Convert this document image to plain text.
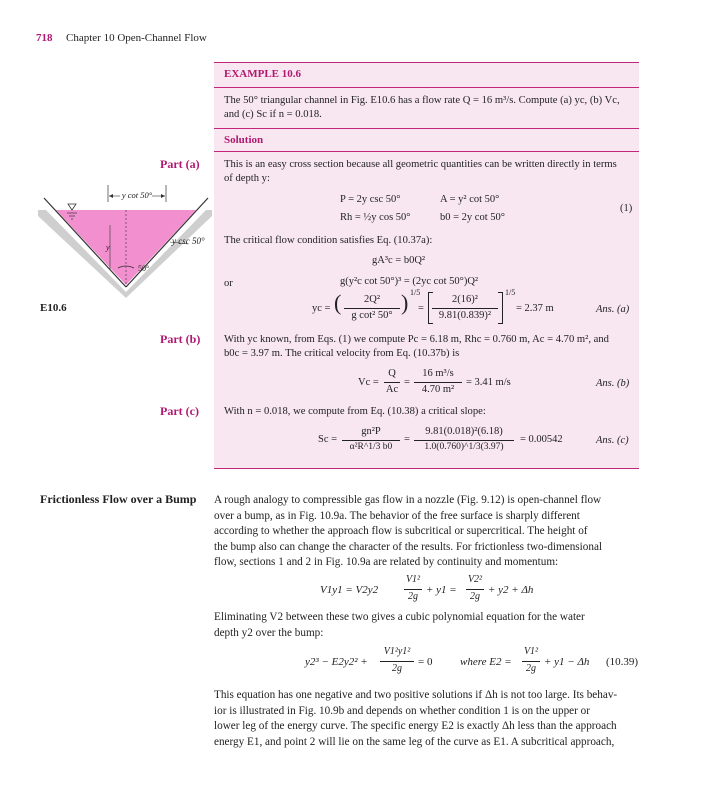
718 Chapter 10 Open-Channel Flow
EXAMPLE 10.6
The 50° triangular channel in Fig. E10.6 has a flow rate Q = 16 m³/s. Compute (a) yc, (b) Vc,
and (c) Sc if n = 0.018.
Solution
Part (a) This is an easy cross section because all geometric quantities can be written directly in terms
of depth y:
P = 2y csc 50°	A = y² cot 50°
Rh = ½y cos 50°	b0 = 2y cot 50°
(1)
The critical flow condition satisfies Eq. (10.37a):
gA³c = b0Q²
or	g(y²c cot 50°)³ = (2yc cot 50°)Q²
yc = (	2Q²
g cot² 50°
) 1/5
=
2(16)²
9.81(0.839)²
1/5
= 2.37 m	Ans. (a)
Part (b) With yc known, from Eqs. (1) we compute Pc = 6.18 m, Rhc = 0.760 m, Ac = 4.70 m², and
b0c = 3.97 m. The critical velocity from Eq. (10.37b) is
Vc =
Q
Ac
=
16 m³/s
4.70 m²
= 3.41 m/s	Ans. (b)
Part (c) With n = 0.018, we compute from Eq. (10.38) a critical slope:
Sc =
gn²P
α²R^1/3 b0
=
9.81(0.018)²(6.18)
1.0(0.760)^1/3(3.97)
= 0.00542	Ans. (c)
y cot 50°
y
50°
y csc 50°
E10.6
Frictionless Flow over a Bump A rough analogy to compressible gas flow in a nozzle (Fig. 9.12) is open-channel flow
over a bump, as in Fig. 10.9a. The behavior of the free surface is sharply different
according to whether the approach flow is subcritical or supercritical. The height of
the bump also can change the character of the results. For frictionless two-dimensional
flow, sections 1 and 2 in Fig. 10.9a are related by continuity and momentum:
V1y1 = V2y2
V1²
2g
+ y1 =
V2²
2g
+ y2 + Δh
Eliminating V2 between these two gives a cubic polynomial equation for the water
depth y2 over the bump:
y2³ − E2y2² +
V1²y1²
2g
= 0	where E2 =
V1²
2g
+ y1 − Δh (10.39)
This equation has one negative and two positive solutions if Δh is not too large. Its behav-
ior is illustrated in Fig. 10.9b and depends on whether condition 1 is on the upper or
lower leg of the energy curve. The specific energy E2 is exactly Δh less than the approach
energy E1, and point 2 will lie on the same leg of the curve as E1. A subcritical approach,
